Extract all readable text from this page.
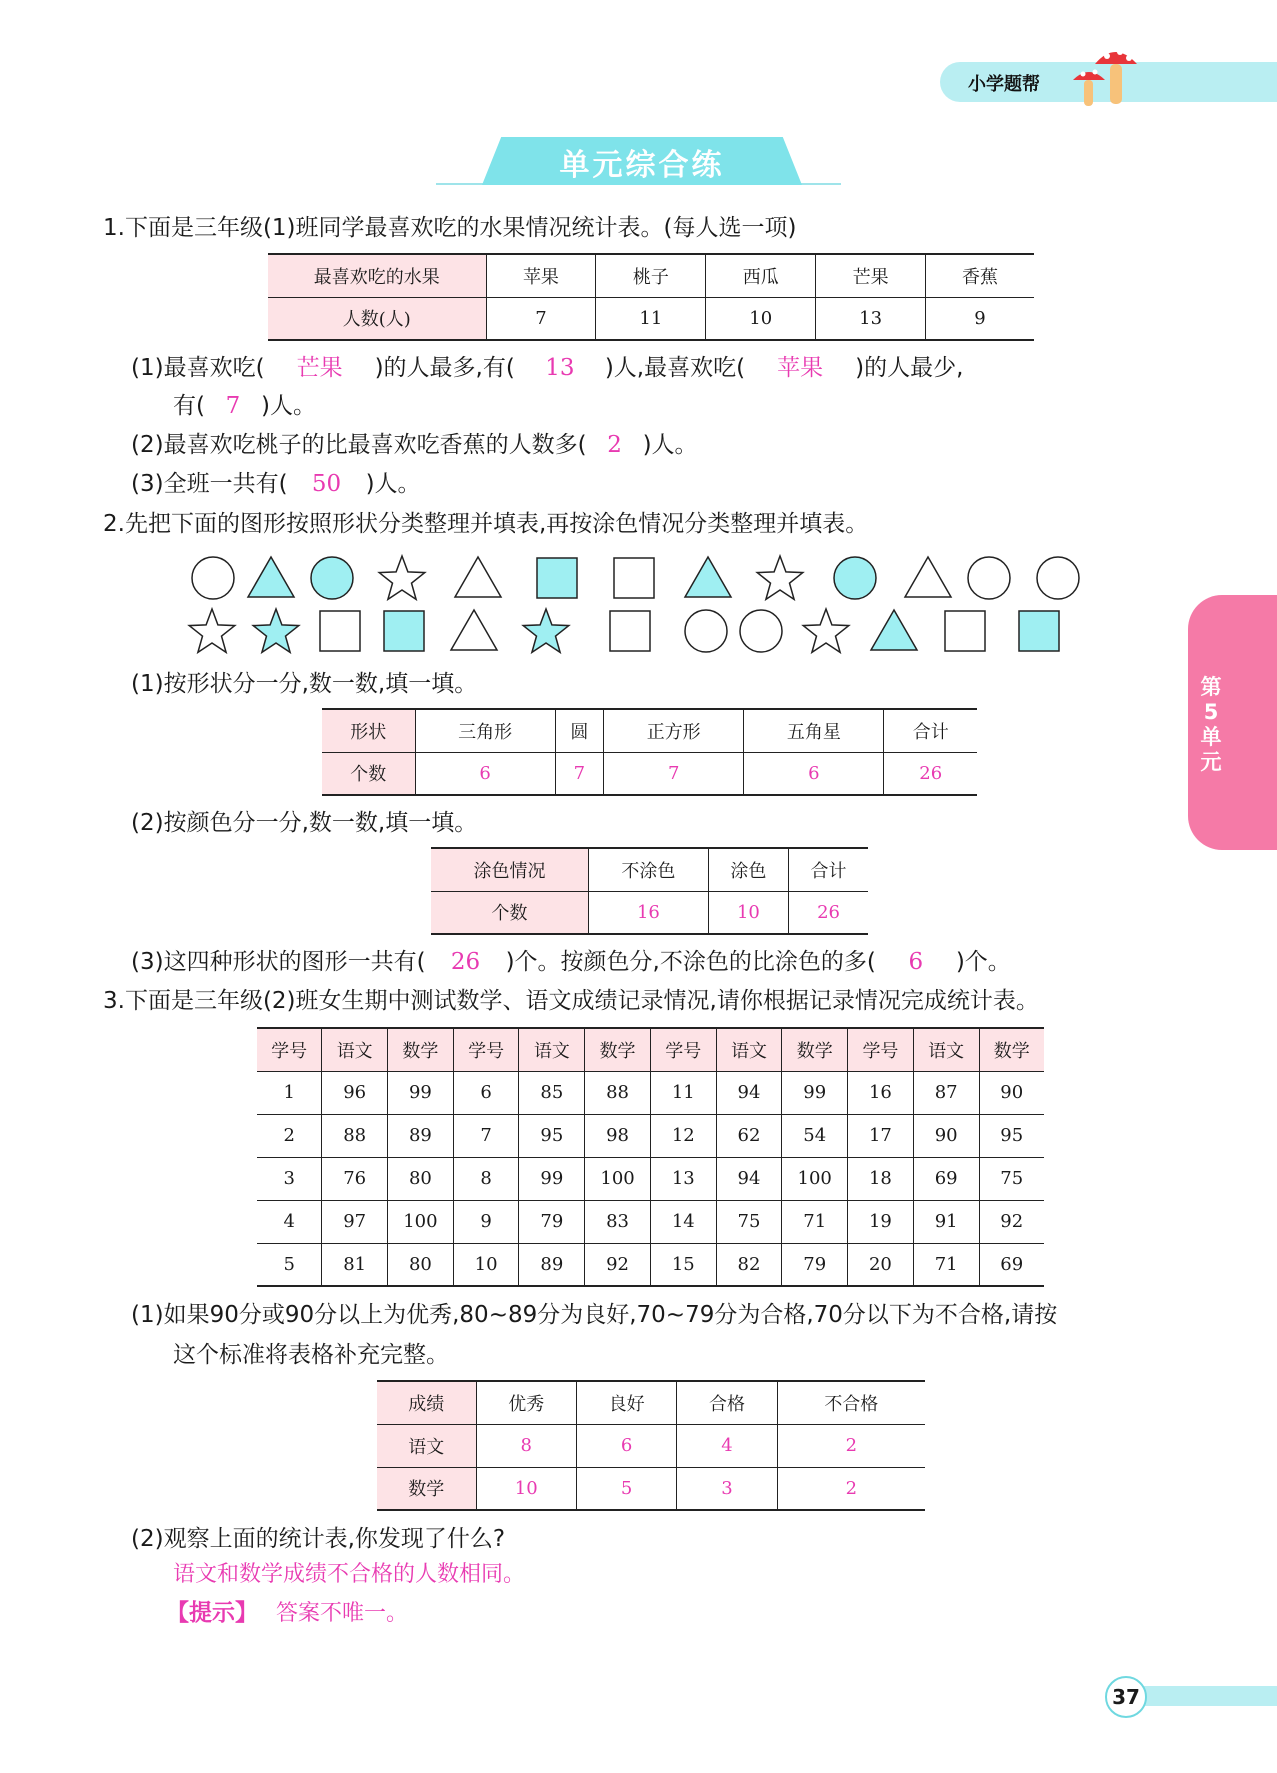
小学题帮
单元综合练
第5单元
1.下面是三年级(1)班同学最喜欢吃的水果情况统计表。(每人选一项)
最喜欢吃的水果	苹果	桃子	西瓜	芒果	香蕉
人数(人)	7	11	10	13	9
(1)最喜欢吃( 芒果 )的人最多,有( 13 )人,最喜欢吃( 苹果 )的人最少,
有( 7 )人。
(2)最喜欢吃桃子的比最喜欢吃香蕉的人数多( 2 )人。
(3)全班一共有( 50 )人。
2.先把下面的图形按照形状分类整理并填表,再按涂色情况分类整理并填表。
(1)按形状分一分,数一数,填一填。
形状	三角形	圆	正方形	五角星	合计
个数	6	7	7	6	26
(2)按颜色分一分,数一数,填一填。
涂色情况	不涂色	涂色	合计
个数	16	10	26
(3)这四种形状的图形一共有( 26 )个。按颜色分,不涂色的比涂色的多( 6 )个。
3.下面是三年级(2)班女生期中测试数学、语文成绩记录情况,请你根据记录情况完成统计表。
学号	语文	数学	学号	语文	数学	学号	语文	数学	学号	语文	数学
1	96	99	6	85	88	11	94	99	16	87	90
2	88	89	7	95	98	12	62	54	17	90	95
3	76	80	8	99	100	13	94	100	18	69	75
4	97	100	9	79	83	14	75	71	19	91	92
5	81	80	10	89	92	15	82	79	20	71	69
(1)如果90分或90分以上为优秀,80~89分为良好,70~79分为合格,70分以下为不合格,请按
这个标准将表格补充完整。
成绩	优秀	良好	合格	不合格
语文	8	6	4	2
数学	10	5	3	2
(2)观察上面的统计表,你发现了什么?
语文和数学成绩不合格的人数相同。
【提示】 答案不唯一。
37
